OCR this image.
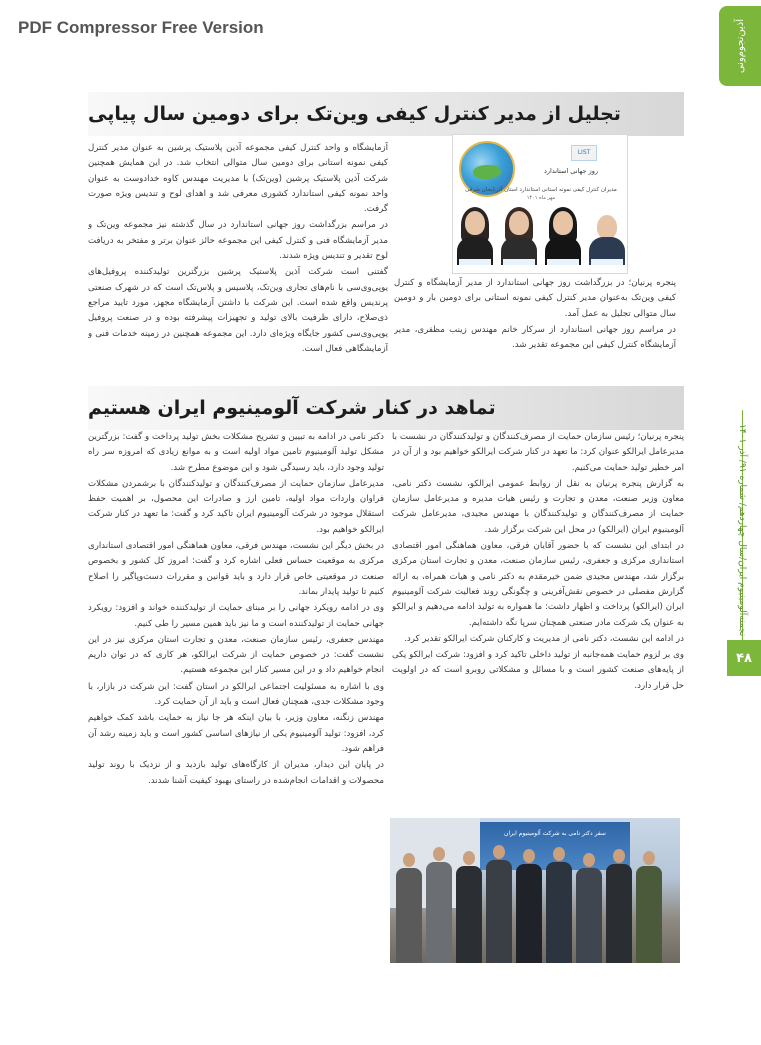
PDF Compressor Free Version	آذین‌نجوم‌ونی
نجمنه‌آلومینیوم‌ ایران/سال چهاردهم/ شماره ۹۱/ آذر ۱۴۰۱
۴۸
تجلیل از مدیر کنترل کیفی وین‌تک برای دومین سال پیاپی

آزمایشگاه و واحد کنترل کیفی مجموعه آذین پلاستیک پرشین به عنوان مدیر کنترل کیفی نمونه استانی برای دومین سال متوالی انتخاب شد. در این همایش همچنین شرکت آذین پلاستیک پرشین (وین‌تک) با مدیریت مهندس کاوه خدادوست به عنوان واحد نمونه کیفی استاندارد کشوری معرفی شد و اهدای لوح و تندیس ویژه صورت گرفت.

در مراسم بزرگداشت روز جهانی استاندارد در سال گذشته نیز مجموعه وین‌تک و مدیر آزمایشگاه فنی و کنترل کیفی این مجموعه حائز عنوان برتر و مفتخر به دریافت لوح تقدیر و تندیس ویژه شدند.

گفتنی است شرکت آذین پلاستیک پرشین بزرگترین تولیدکننده پروفیل‌های یو‌پی‌وی‌سی با نام‌های تجاری وین‌تک، پلاسیس و پلاس‌تک است که در شهرک صنعتی پرندیس واقع شده است. این شرکت با داشتن آزمایشگاه مجهز، مورد تایید مراجع ذی‌صلاح، دارای ظرفیت بالای تولید و تجهیزات پیشرفته بوده و در صنعت پروفیل یو‌پی‌وی‌سی کشور جایگاه ویژه‌ای دارد. این مجموعه همچنین در زمینه خدمات فنی و آزمایشگاهی فعال است.

LIST
روز جهانی استاندارد
مدیران کنترل کیفی نمونه استانی استاندارد استان آذربایجان شرقی
مهر ماه ۱۴۰۱

پنجره‌ پرنیان؛ در بزرگداشت روز جهانی استاندارد از مدیر آزمایشگاه و کنترل کیفی وین‌تک به‌عنوان مدیر کنترل کیفی نمونه استانی برای دومین بار و دومین سال متوالی تجلیل به عمل آمد.

در مراسم روز جهانی استاندارد از سرکار خانم مهندس زینب مظفری، مدیر آزمایشگاه کنترل کیفی این مجموعه تقدیر شد.

تماهد در کنار شرکت آلومینیوم ایران هستیم

پنجره‌ پرنیان؛ رئیس سازمان حمایت از مصرف‌کنندگان و تولیدکنندگان در نشست با مدیرعامل ایرالکو عنوان کرد: ما تعهد در کنار شرکت ایرالکو خواهیم بود و از آن در امر خطیر تولید حمایت می‌کنیم.

به گزارش پنجره‌ پرنیان به نقل از روابط عمومی ایرالکو، نشست دکتر نامی، معاون وزیر صنعت، معدن و تجارت و رئیس هیات مدیره و مدیرعامل سازمان حمایت از مصرف‌کنندگان و تولیدکنندگان با مهندس مجیدی، مدیرعامل شرکت آلومینیوم ایران (ایرالکو) در محل این شرکت برگزار شد.

در ابتدای این نشست که با حضور آقایان فرقی، معاون هماهنگی امور اقتصادی استانداری مرکزی و جعفری، رئیس سازمان صنعت، معدن و تجارت استان مرکزی برگزار شد، مهندس مجیدی ضمن خیرمقدم به دکتر نامی و هیات همراه، به ارائه گزارش مفصلی در خصوص نقش‌آفرینی و چگونگی روند فعالیت شرکت آلومینیوم ایران (ایرالکو) پرداخت و اظهار داشت: ما همواره به تولید ادامه می‌دهیم و ایرالکو به عنوان یک شرکت مادر صنعتی همچنان سرپا نگه داشته‌ایم.

در ادامه این نشست، دکتر نامی از مدیریت و کارکنان شرکت ایرالکو تقدیر کرد.

وی بر لزوم حمایت همه‌جانبه از تولید داخلی تاکید کرد و افزود: شرکت ایرالکو یکی از پایه‌های صنعت کشور است و با مسائل و مشکلاتی روبرو است که در اولویت حل قرار دارد.

دکتر نامی در ادامه به تبیین و تشریح مشکلات بخش تولید پرداخت و گفت: بزرگترین مشکل تولید آلومینیوم تامین مواد اولیه است و به موانع زیادی که امروزه سر راه تولید وجود دارد، باید رسیدگی شود و این موضوع مطرح شد.

مدیرعامل سازمان حمایت از مصرف‌کنندگان و تولیدکنندگان با برشمردن مشکلات فراوان واردات مواد اولیه، تامین ارز و صادرات این محصول، بر اهمیت حفظ استقلال موجود در شرکت آلومینیوم ایران تاکید کرد و گفت: ما تعهد در کنار شرکت ایرالکو خواهیم بود.

در بخش دیگر این نشست، مهندس فرقی، معاون هماهنگی امور اقتصادی استانداری مرکزی به موقعیت حساس فعلی اشاره کرد و گفت: امروز کل کشور و بخصوص صنعت در موقعیتی خاص قرار دارد و باید قوانین و مقررات دست‌وپاگیر را اصلاح کنیم تا تولید پایدار بماند.

وی در ادامه رویکرد جهانی را بر مبنای حمایت از تولیدکننده خواند و افزود: رویکرد جهانی حمایت از تولیدکننده است و ما نیز باید همین مسیر را طی کنیم.

مهندس جعفری، رئیس سازمان صنعت، معدن و تجارت استان مرکزی نیز در این نشست گفت: در خصوص حمایت از شرکت ایرالکو، هر کاری که در توان داریم انجام خواهیم داد و در این مسیر کنار این مجموعه هستیم.

وی با اشاره به مسئولیت اجتماعی ایرالکو در استان گفت: این شرکت در بازار، با وجود مشکلات جدی، همچنان فعال است و باید از آن حمایت کرد.

مهندس زنگنه، معاون وزیر، با بیان اینکه هر جا نیاز به حمایت باشد کمک خواهیم کرد، افزود: تولید آلومینیوم یکی از نیازهای اساسی کشور است و باید زمینه رشد آن فراهم شود.

در پایان این دیدار، مدیران از کارگاه‌های تولید بازدید و از نزدیک با روند تولید محصولات و اقدامات انجام‌شده در راستای بهبود کیفیت آشنا شدند.

سفر دکتر نامی به شرکت آلومینیوم ایران
